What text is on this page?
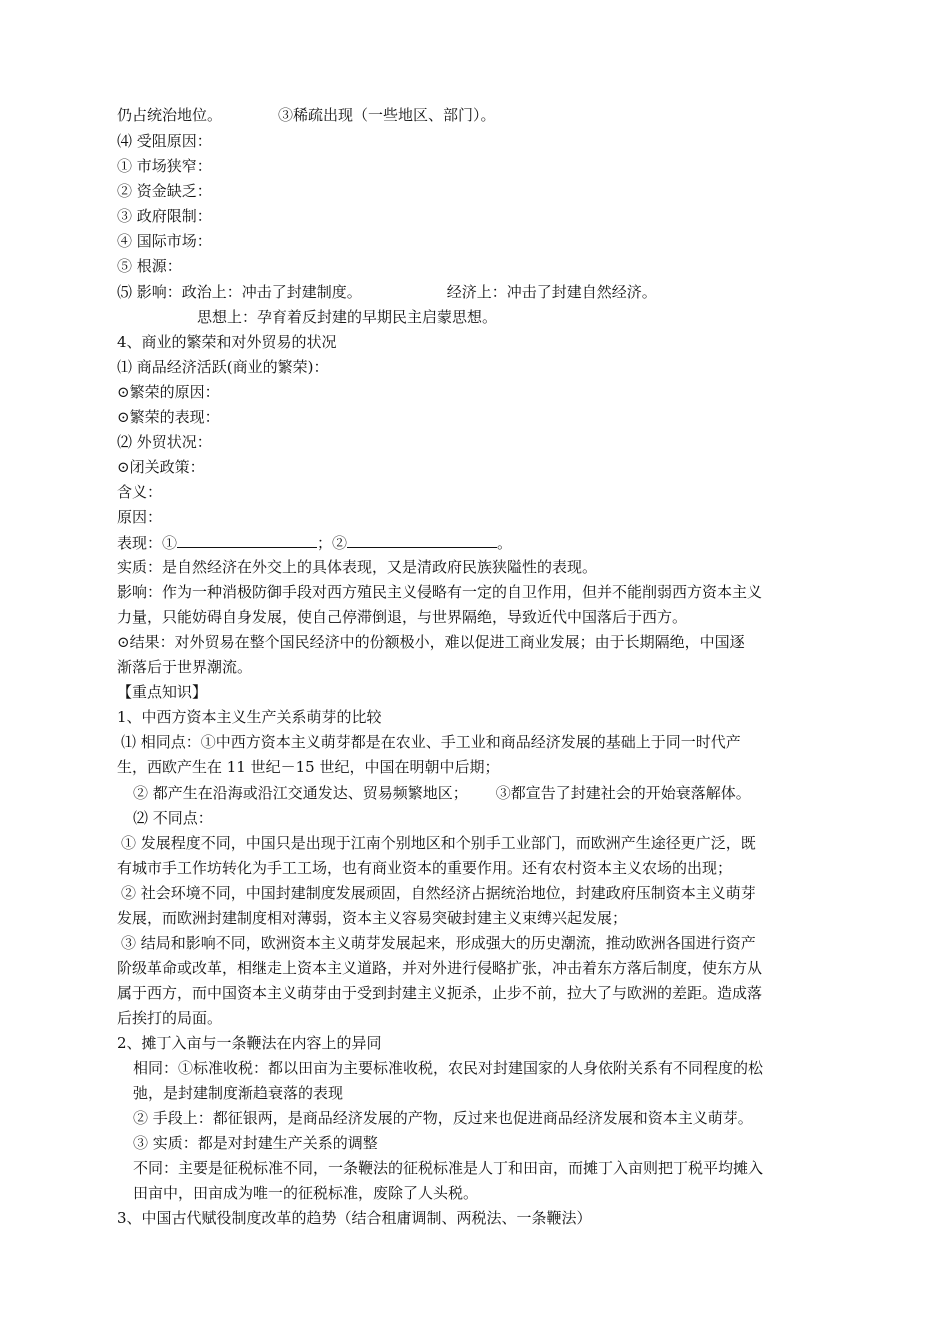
仍占统治地位。	③稀疏出现（一些地区、部门）。
⑷ 受阻原因：
① 市场狭窄：
② 资金缺乏：
③ 政府限制：
④ 国际市场：
⑤ 根源：
⑸ 影响：政治上：冲击了封建制度。	经济上：冲击了封建自然经济。
思想上：孕育着反封建的早期民主启蒙思想。
4、商业的繁荣和对外贸易的状况
⑴ 商品经济活跃(商业的繁荣)：
⊙繁荣的原因：
⊙繁荣的表现：
⑵ 外贸状况：
⊙闭关政策：
含义：
原因：
表现：①	；②	。
实质：是自然经济在外交上的具体表现，又是清政府民族狭隘性的表现。
影响：作为一种消极防御手段对西方殖民主义侵略有一定的自卫作用，但并不能削弱西方资本主义
力量，只能妨碍自身发展，使自己停滞倒退，与世界隔绝，导致近代中国落后于西方。
⊙结果：对外贸易在整个国民经济中的份额极小，难以促进工商业发展；由于长期隔绝，中国逐
渐落后于世界潮流。
【重点知识】
1、中西方资本主义生产关系萌芽的比较
⑴ 相同点：①中西方资本主义萌芽都是在农业、手工业和商品经济发展的基础上于同一时代产
生，西欧产生在 11 世纪－15 世纪，中国在明朝中后期；
② 都产生在沿海或沿江交通发达、贸易频繁地区； ③都宣告了封建社会的开始衰落解体。
⑵ 不同点：
① 发展程度不同，中国只是出现于江南个别地区和个别手工业部门，而欧洲产生途径更广泛，既
有城市手工作坊转化为手工工场，也有商业资本的重要作用。还有农村资本主义农场的出现；
② 社会环境不同，中国封建制度发展顽固，自然经济占据统治地位，封建政府压制资本主义萌芽
发展，而欧洲封建制度相对薄弱，资本主义容易突破封建主义束缚兴起发展；
③ 结局和影响不同，欧洲资本主义萌芽发展起来，形成强大的历史潮流，推动欧洲各国进行资产
阶级革命或改革，相继走上资本主义道路，并对外进行侵略扩张，冲击着东方落后制度，使东方从
属于西方，而中国资本主义萌芽由于受到封建主义扼杀，止步不前，拉大了与欧洲的差距。造成落
后挨打的局面。
2、摊丁入亩与一条鞭法在内容上的异同
相同：①标准收税：都以田亩为主要标准收税，农民对封建国家的人身依附关系有不同程度的松
弛，是封建制度渐趋衰落的表现
② 手段上：都征银两，是商品经济发展的产物，反过来也促进商品经济发展和资本主义萌芽。
③ 实质：都是对封建生产关系的调整
不同：主要是征税标准不同，一条鞭法的征税标准是人丁和田亩，而摊丁入亩则把丁税平均摊入
田亩中，田亩成为唯一的征税标准，废除了人头税。
3、中国古代赋役制度改革的趋势（结合租庸调制、两税法、一条鞭法）
